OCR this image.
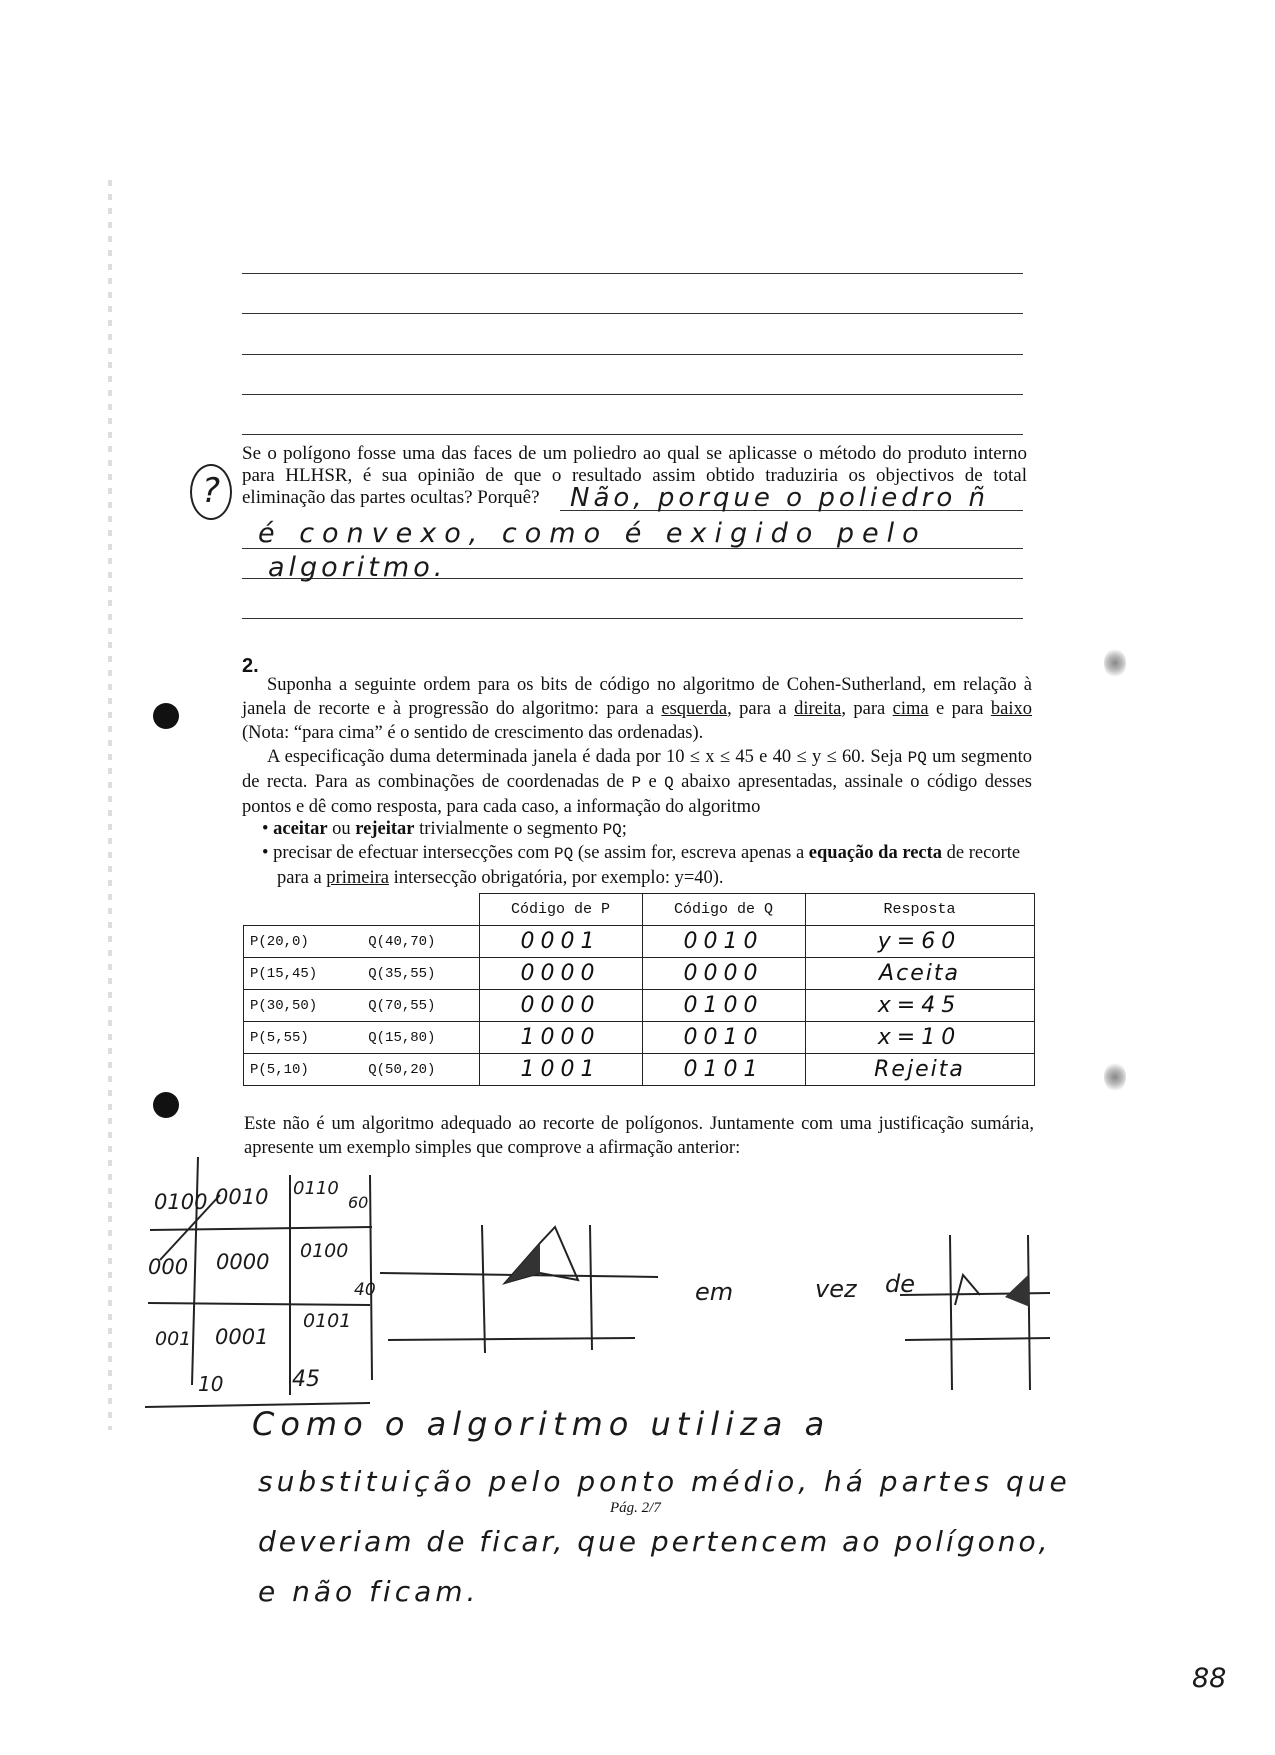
?
Se o polígono fosse uma das faces de um poliedro ao qual se aplicasse o método do produto interno para HLHSR, é sua opinião de que o resultado assim obtido traduziria os objectivos de total eliminação das partes ocultas? Porquê?	Não, porque o poliedro ñ
é convexo, como é exigido pelo
algoritmo.
2.
Suponha a seguinte ordem para os bits de código no algoritmo de Cohen-Sutherland, em relação à janela de recorte e à progressão do algoritmo: para a esquerda, para a direita, para cima e para baixo (Nota: “para cima” é o sentido de crescimento das ordenadas).
A especificação duma determinada janela é dada por 10 ≤ x ≤ 45 e 40 ≤ y ≤ 60. Seja PQ um segmento de recta. Para as combinações de coordenadas de P e Q abaixo apresentadas, assinale o código desses pontos e dê como resposta, para cada caso, a informação do algoritmo
• aceitar ou rejeitar trivialmente o segmento PQ;
• precisar de efectuar intersecções com PQ (se assim for, escreva apenas a equação da recta de recorte para a primeira intersecção obrigatória, por exemplo: y=40).
		Código de P	Código de Q	Resposta
P(20,0)	Q(40,70)	0001	0010	y=60
P(15,45)	Q(35,55)	0000	0000	Aceita
P(30,50)	Q(70,55)	0000	0100	x=45
P(5,55)	Q(15,80)	1000	0010	x=10
P(5,10)	Q(50,20)	1001	0101	Rejeita
Este não é um algoritmo adequado ao recorte de polígonos. Juntamente com uma justificação sumária, apresente um exemplo simples que comprove a afirmação anterior:
0100 0010 0110
000 0000 0100
001 0001
0101
10	45
40
60
em	vez de
Como o algoritmo utiliza a
substituição pelo ponto médio, há partes que
deveriam de ficar, que pertencem ao polígono,
e não ficam.
Pág. 2/7
88
